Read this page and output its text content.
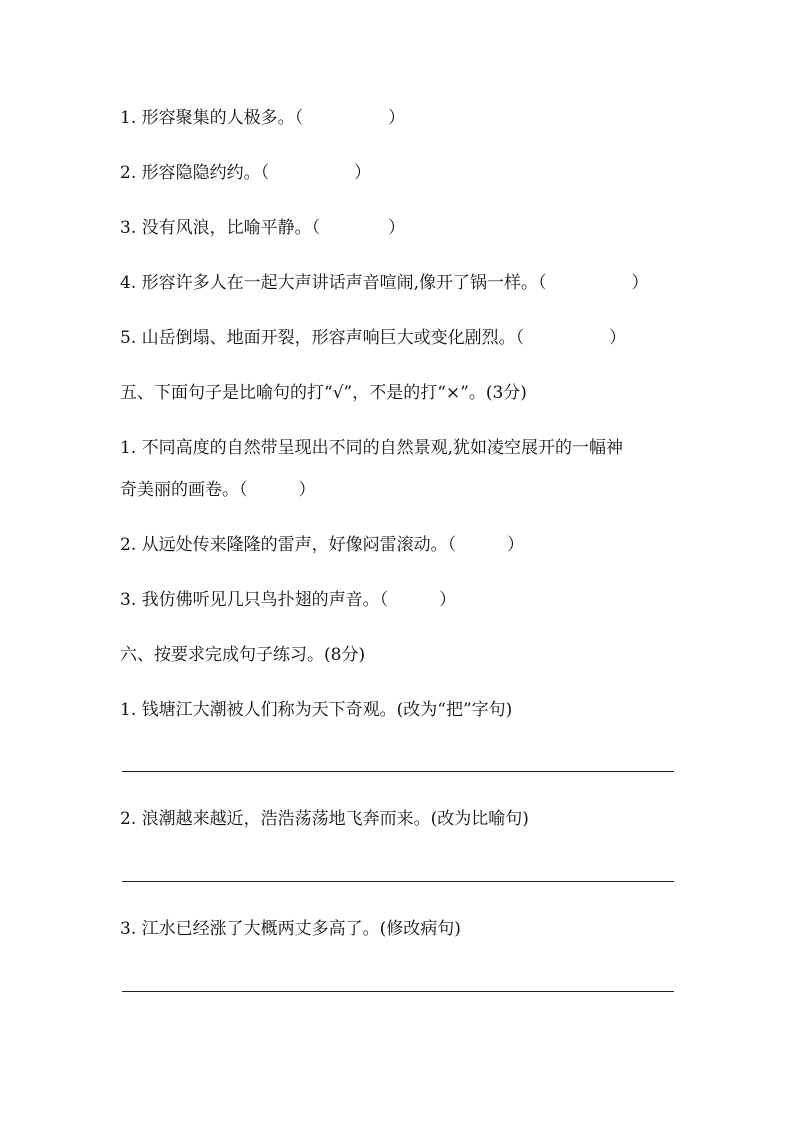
1. 形容聚集的人极多。（　　　　　）
2. 形容隐隐约约。（　　　　　）
3. 没有风浪，比喻平静。（　　　　）
4. 形容许多人在一起大声讲话声音喧闹,像开了锅一样。（　　　　　）
5. 山岳倒塌、地面开裂，形容声响巨大或变化剧烈。（　　　　　）
五、下面句子是比喻句的打“√”，不是的打“×”。(3分)
1. 不同高度的自然带呈现出不同的自然景观,犹如凌空展开的一幅神
奇美丽的画卷。（　　　）
2. 从远处传来隆隆的雷声，好像闷雷滚动。（　　　）
3. 我仿佛听见几只鸟扑翅的声音。（　　　）
六、按要求完成句子练习。(8分)
1. 钱塘江大潮被人们称为天下奇观。(改为“把”字句)
2. 浪潮越来越近，浩浩荡荡地飞奔而来。(改为比喻句)
3. 江水已经涨了大概两丈多高了。(修改病句)
